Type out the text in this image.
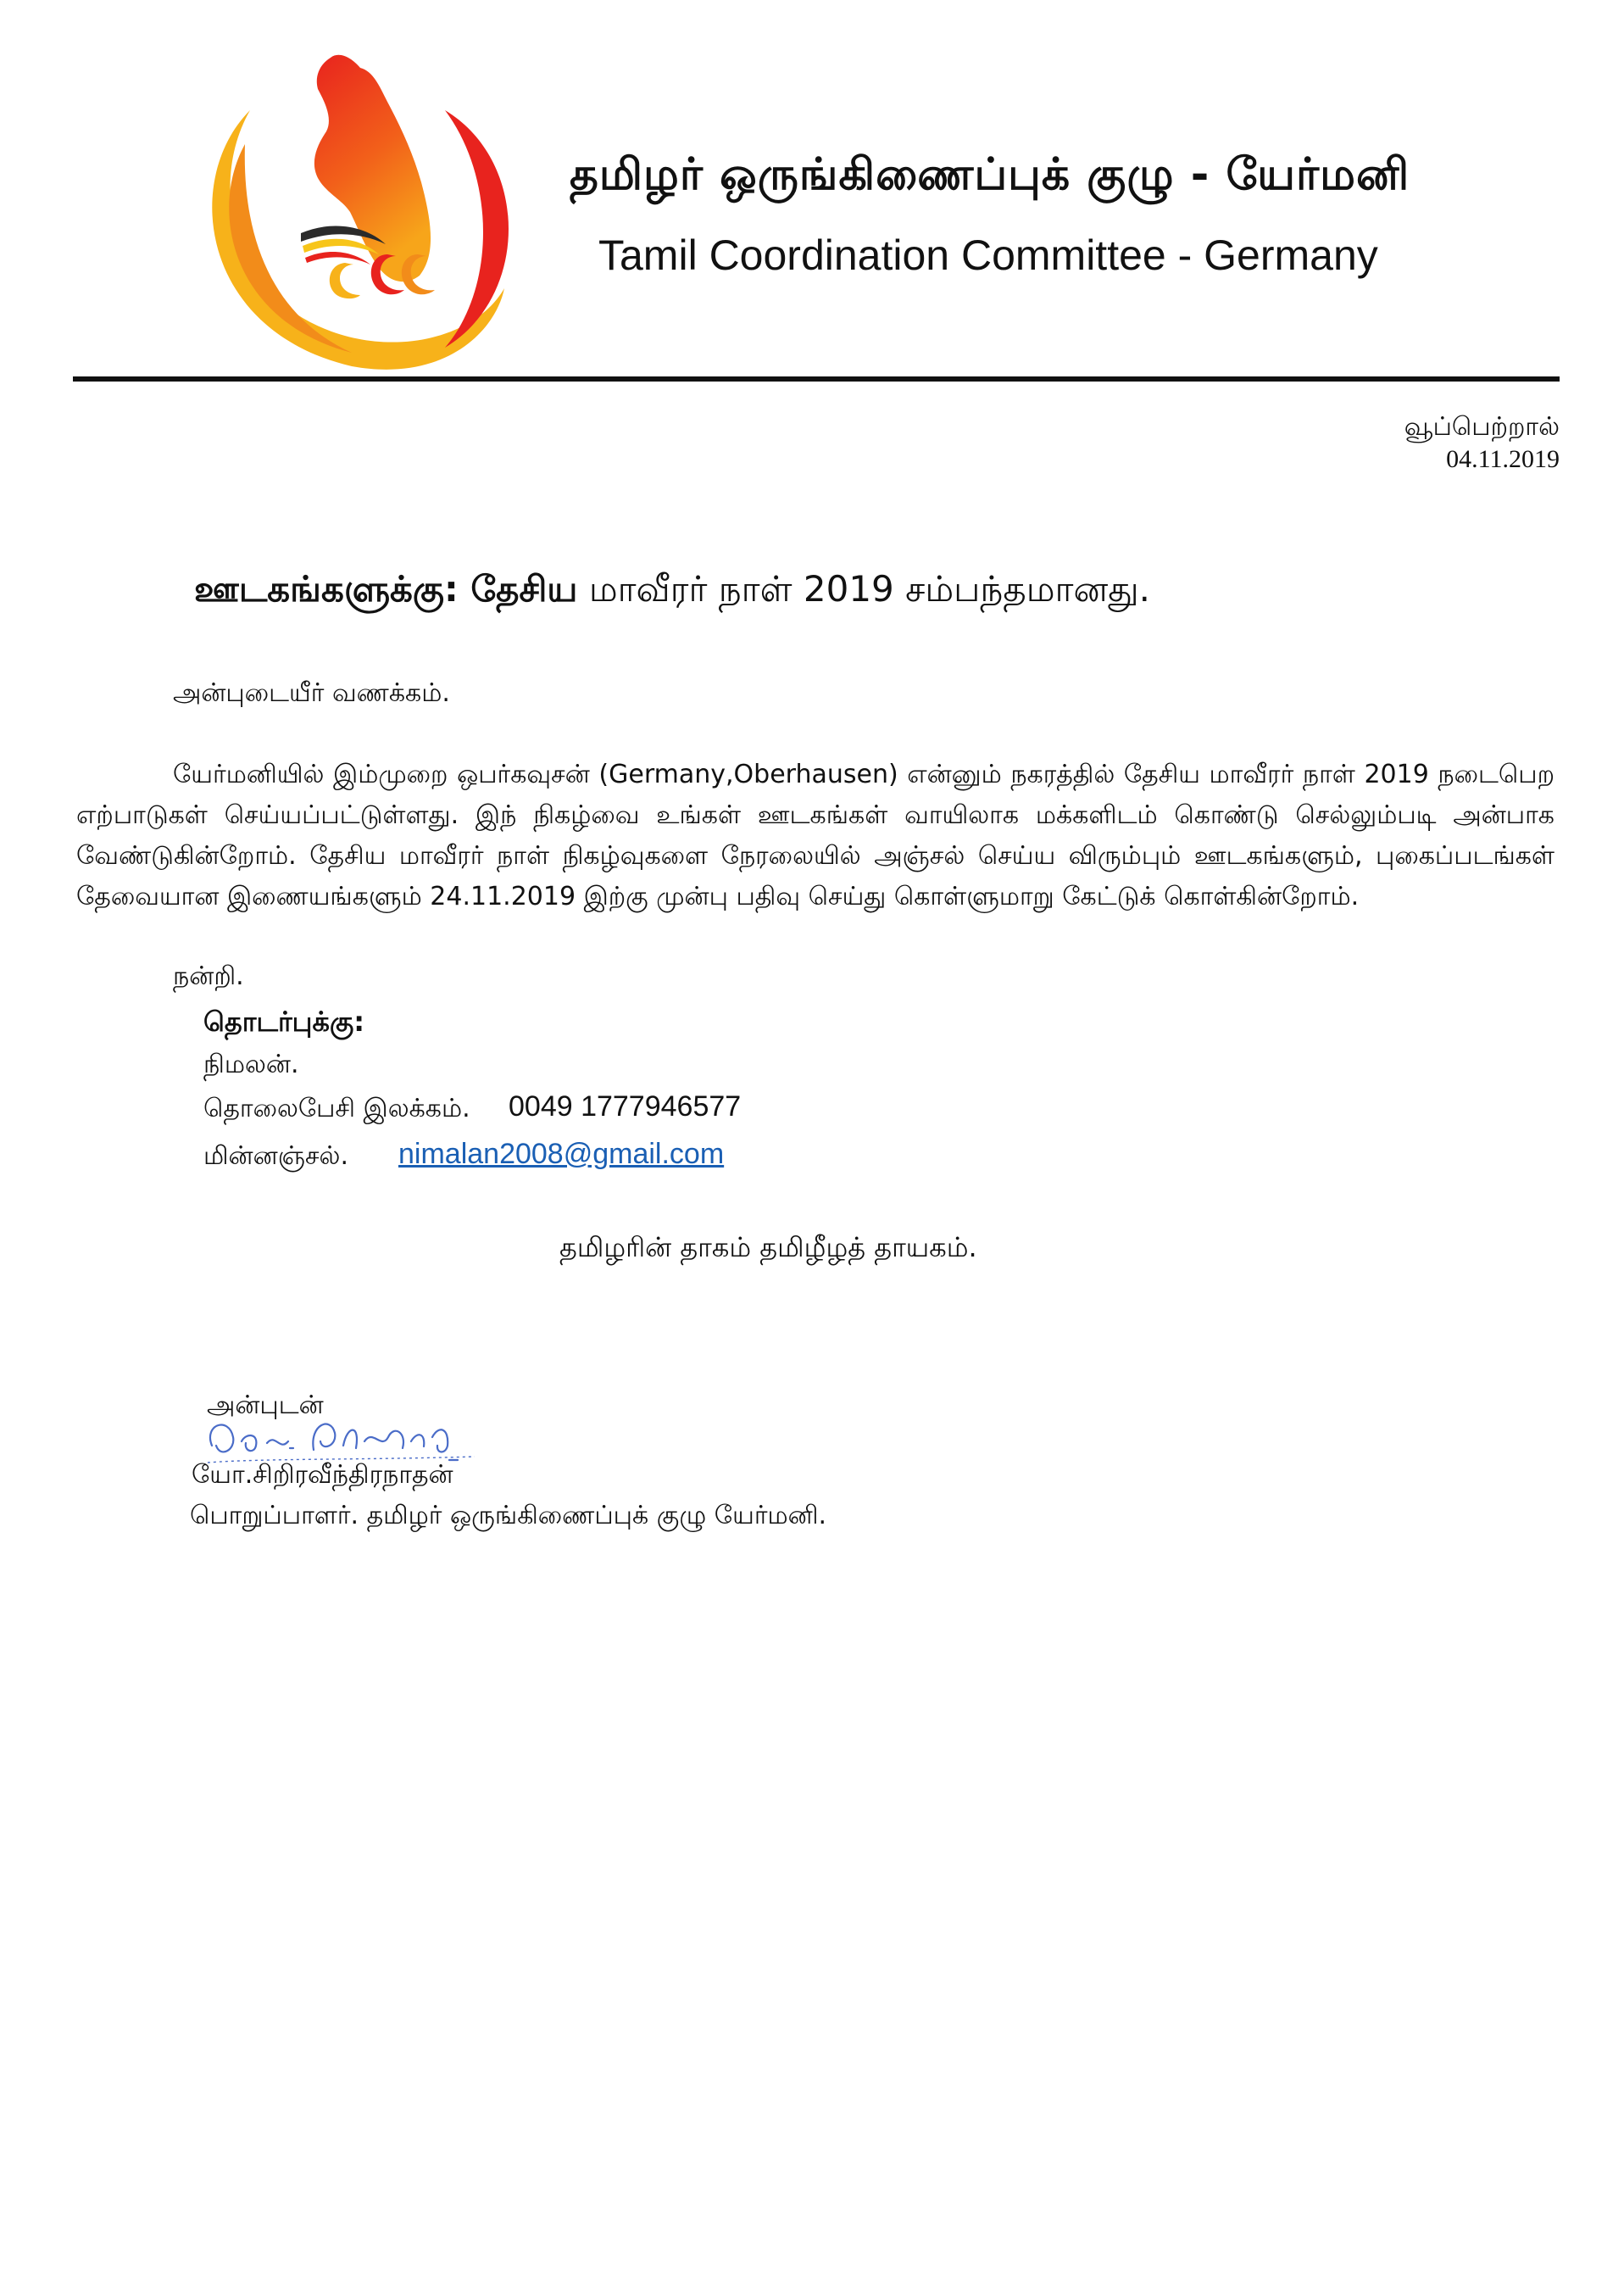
தமிழர் ஒருங்கிணைப்புக் குழு - யேர்மனி
Tamil Coordination Committee - Germany
வூப்பெற்றால்
04.11.2019
ஊடகங்களுக்கு: தேசிய மாவீரர் நாள் 2019 சம்பந்தமானது.
அன்புடையீர் வணக்கம்.
யேர்மனியில் இம்முறை ஒபர்கவுசன் (Germany,Oberhausen) என்னும் நகரத்தில் தேசிய மாவீரர் நாள் 2019 நடைபெற எற்பாடுகள் செய்யப்பட்டுள்ளது. இந் நிகழ்வை உங்கள் ஊடகங்கள் வாயிலாக மக்களிடம் கொண்டு செல்லும்படி அன்பாக வேண்டுகின்றோம். தேசிய மாவீரர் நாள் நிகழ்வுகளை நேரலையில் அஞ்சல் செய்ய விரும்பும் ஊடகங்களும், புகைப்படங்கள் தேவையான இணையங்களும் 24.11.2019 இற்கு முன்பு பதிவு செய்து கொள்ளுமாறு கேட்டுக் கொள்கின்றோம்.
நன்றி.
தொடர்புக்கு:
நிமலன்.
தொலைபேசி இலக்கம். 0049 1777946577
மின்னஞ்சல். nimalan2008@gmail.com
தமிழரின் தாகம் தமிழீழத் தாயகம்.
அன்புடன்
யோ.சிறிரவீந்திரநாதன்
பொறுப்பாளர். தமிழர் ஒருங்கிணைப்புக் குழு யேர்மனி.
